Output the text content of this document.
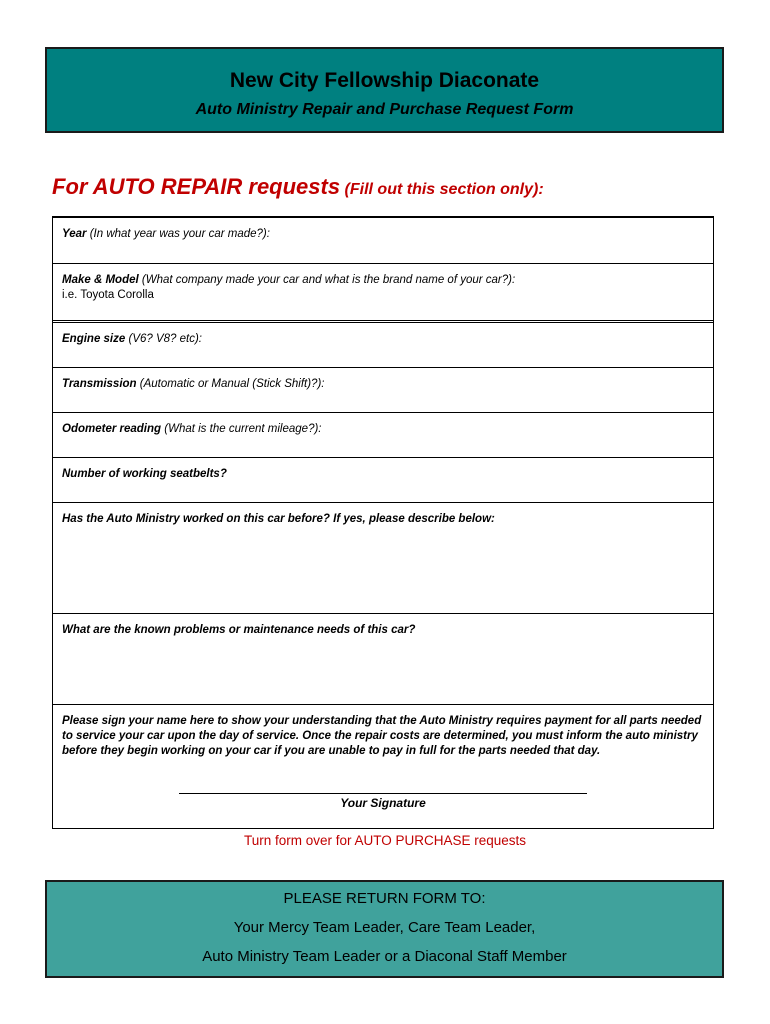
New City Fellowship Diaconate
Auto Ministry Repair and Purchase Request Form
For AUTO REPAIR requests (Fill out this section only):
Year (In what year was your car made?):
Make & Model (What company made your car and what is the brand name of your car?):
i.e. Toyota Corolla
Engine size (V6? V8? etc):
Transmission (Automatic or Manual (Stick Shift)?):
Odometer reading (What is the current mileage?):
Number of working seatbelts?
Has the Auto Ministry worked on this car before? If yes, please describe below:
What are the known problems or maintenance needs of this car?
Please sign your name here to show your understanding that the Auto Ministry requires payment for all parts needed to service your car upon the day of service. Once the repair costs are determined, you must inform the auto ministry before they begin working on your car if you are unable to pay in full for the parts needed that day.
Your Signature
Turn form over for AUTO PURCHASE requests
PLEASE RETURN FORM TO:
Your Mercy Team Leader, Care Team Leader,
Auto Ministry Team Leader or a Diaconal Staff Member
